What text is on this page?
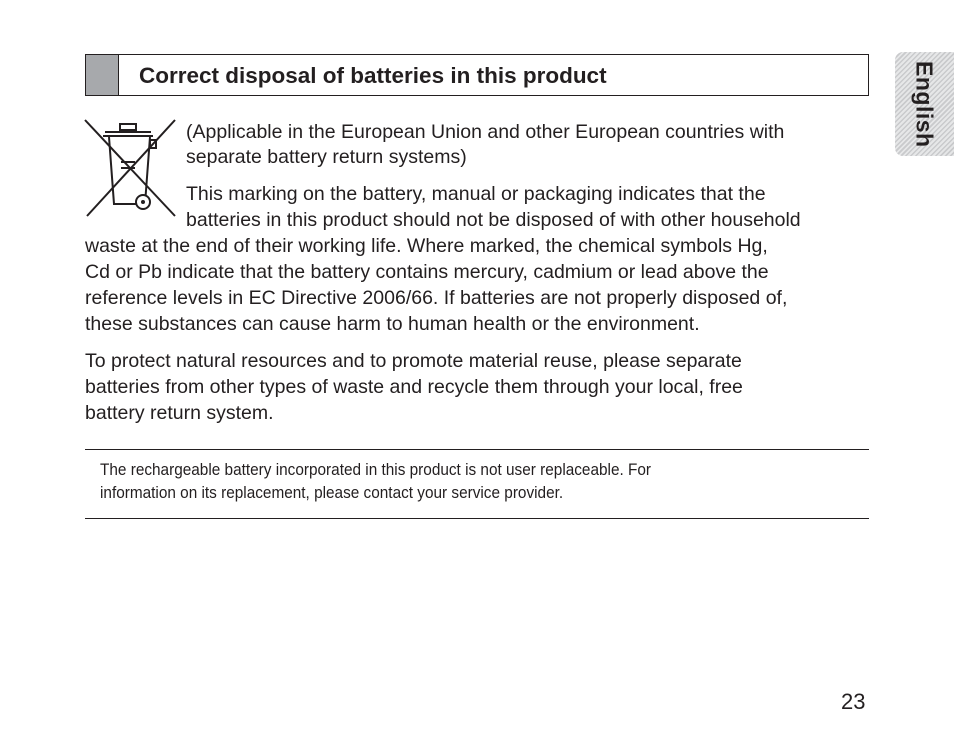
Correct disposal of batteries in this product	English
(Applicable in the European Union and other European countries with
separate battery return systems)
This marking on the battery, manual or packaging indicates that the
batteries in this product should not be disposed of with other household
waste at the end of their working life. Where marked, the chemical symbols Hg,
Cd or Pb indicate that the battery contains mercury, cadmium or lead above the
reference levels in EC Directive 2006/66. If batteries are not properly disposed of,
these substances can cause harm to human health or the environment.
To protect natural resources and to promote material reuse, please separate
batteries from other types of waste and recycle them through your local, free
battery return system.
The rechargeable battery incorporated in this product is not user replaceable. For
information on its replacement, please contact your service provider.
23
